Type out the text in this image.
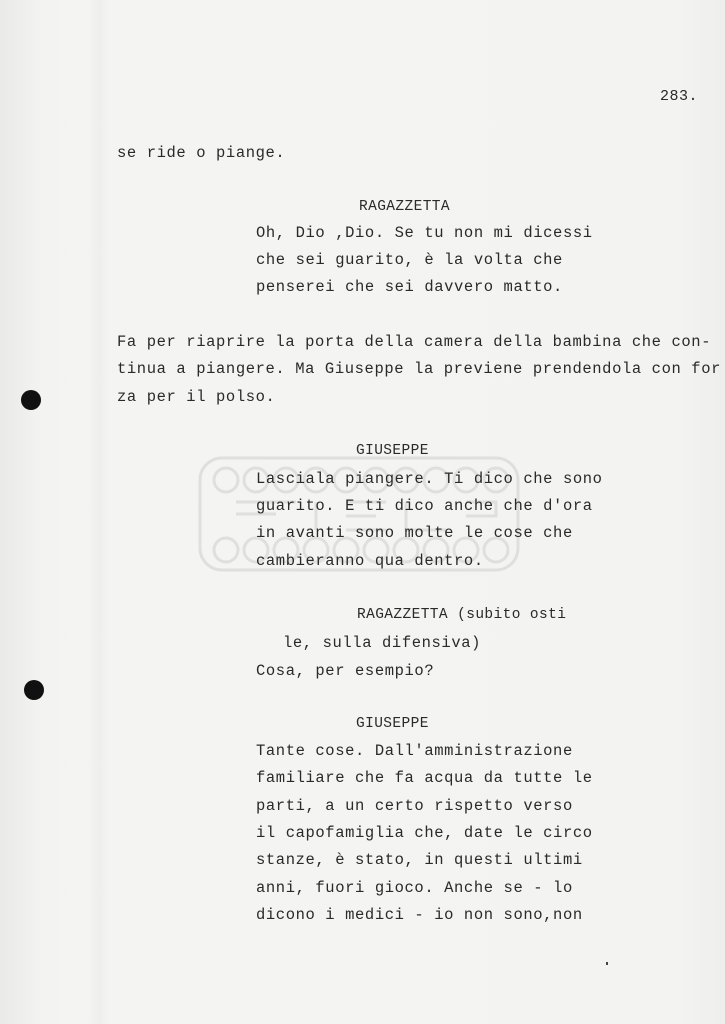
283.
se ride o piange.
RAGAZZETTA
Oh, Dio ,Dio. Se tu non mi dicessi
che sei guarito, è la volta che
penserei che sei davvero matto.
Fa per riaprire la porta della camera della bambina che con-
tinua a piangere. Ma Giuseppe la previene prendendola con for
za per il polso.
GIUSEPPE
Lasciala piangere. Ti dico che sono
guarito. E ti dico anche che d'ora
in avanti sono molte le cose che
cambieranno qua dentro.
RAGAZZETTA (subito osti
le, sulla difensiva)
Cosa, per esempio?
GIUSEPPE
Tante cose. Dall'amministrazione
familiare che fa acqua da tutte le
parti, a un certo rispetto verso
il capofamiglia che, date le circo
stanze, è stato, in questi ultimi
anni, fuori gioco. Anche se - lo
dicono i medici - io non sono,non
